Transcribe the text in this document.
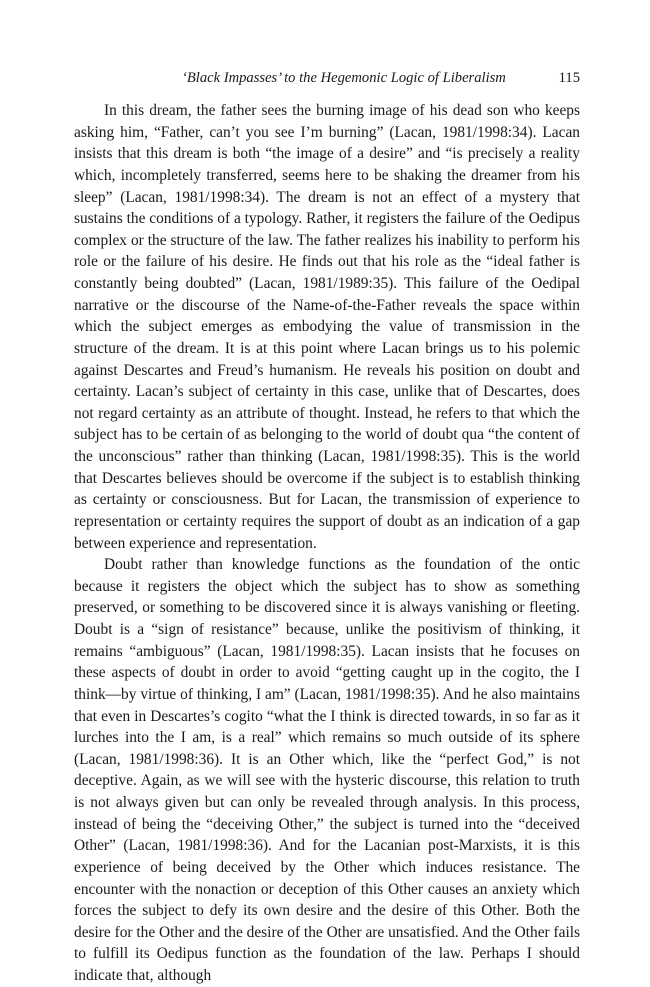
‘Black Impasses’ to the Hegemonic Logic of Liberalism	115

In this dream, the father sees the burning image of his dead son who keeps asking him, “Father, can’t you see I’m burning” (Lacan, 1981/1998:34). Lacan insists that this dream is both “the image of a desire” and “is precisely a reality which, incompletely transferred, seems here to be shaking the dreamer from his sleep” (Lacan, 1981/1998:34). The dream is not an effect of a mystery that sustains the conditions of a typology. Rather, it registers the failure of the Oedipus complex or the structure of the law. The father realizes his inability to perform his role or the failure of his desire. He finds out that his role as the “ideal father is constantly being doubted” (Lacan, 1981/1989:35). This failure of the Oedipal narrative or the discourse of the Name-of-the-Father reveals the space within which the subject emerges as embodying the value of transmission in the structure of the dream. It is at this point where Lacan brings us to his polemic against Descartes and Freud’s humanism. He reveals his position on doubt and certainty. Lacan’s subject of certainty in this case, unlike that of Descartes, does not regard certainty as an attribute of thought. Instead, he refers to that which the subject has to be certain of as belonging to the world of doubt qua “the content of the unconscious” rather than thinking (Lacan, 1981/1998:35). This is the world that Descartes believes should be overcome if the subject is to establish thinking as certainty or consciousness. But for Lacan, the transmission of experience to representation or certainty requires the support of doubt as an indication of a gap between experience and representation.

Doubt rather than knowledge functions as the foundation of the ontic because it registers the object which the subject has to show as something preserved, or something to be discovered since it is always vanishing or fleeting. Doubt is a “sign of resistance” because, unlike the positivism of thinking, it remains “ambiguous” (Lacan, 1981/1998:35). Lacan insists that he focuses on these aspects of doubt in order to avoid “getting caught up in the cogito, the I think—by virtue of thinking, I am” (Lacan, 1981/1998:35). And he also maintains that even in Descartes’s cogito “what the I think is directed towards, in so far as it lurches into the I am, is a real” which remains so much outside of its sphere (Lacan, 1981/1998:36). It is an Other which, like the “perfect God,” is not deceptive. Again, as we will see with the hysteric discourse, this relation to truth is not always given but can only be revealed through analysis. In this process, instead of being the “deceiving Other,” the subject is turned into the “deceived Other” (Lacan, 1981/1998:36). And for the Lacanian post-Marxists, it is this experience of being deceived by the Other which induces resistance. The encounter with the nonaction or deception of this Other causes an anxiety which forces the subject to defy its own desire and the desire of this Other. Both the desire for the Other and the desire of the Other are unsatisfied. And the Other fails to fulfill its Oedipus function as the foundation of the law. Perhaps I should indicate that, although
